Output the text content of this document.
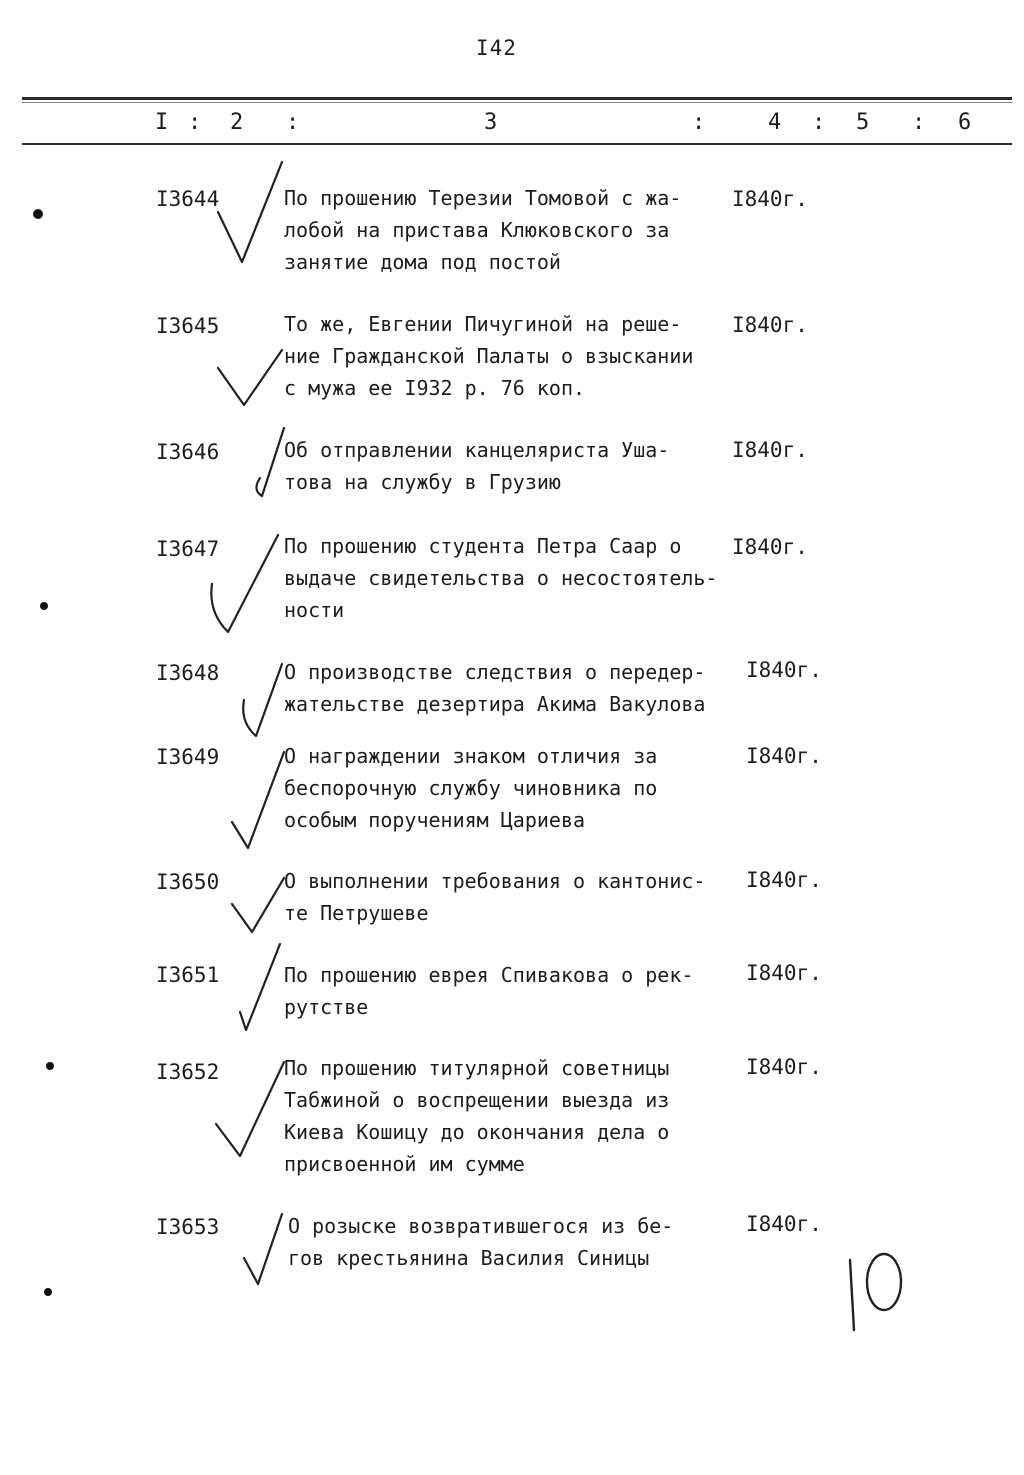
I42
I : 2 :	3	:	4 : 5 : 6
I3644	По прошению Терезии Томовой с жа-
лобой на пристава Клюковского за
занятие дома под постой
I840г.
I3645	То же, Евгении Пичугиной на реше-
ние Гражданской Палаты о взыскании
с мужа ее I932 р. 76 коп.
I840г.
I3646	Об отправлении канцеляриста Уша-
това на службу в Грузию
I840г.
I3647	По прошению студента Петра Саар о
выдаче свидетельства о несостоятель-
ности
I840г.
I3648	О производстве следствия о передер-
жательстве дезертира Акима Вакулова
I840г.
I3649	О награждении знаком отличия за
беспорочную службу чиновника по
особым поручениям Цариева
I840г.
I3650	О выполнении требования о кантонис-
те Петрушеве
I840г.
I3651	По прошению еврея Спивакова о рек-
рутстве
I840г.
I3652	По прошению титулярной советницы
Табжиной о воспрещении выезда из
Киева Кошицу до окончания дела о
присвоенной им сумме
I840г.
I3653	О розыске возвратившегося из бе-
гов крестьянина Василия Синицы
I840г.
